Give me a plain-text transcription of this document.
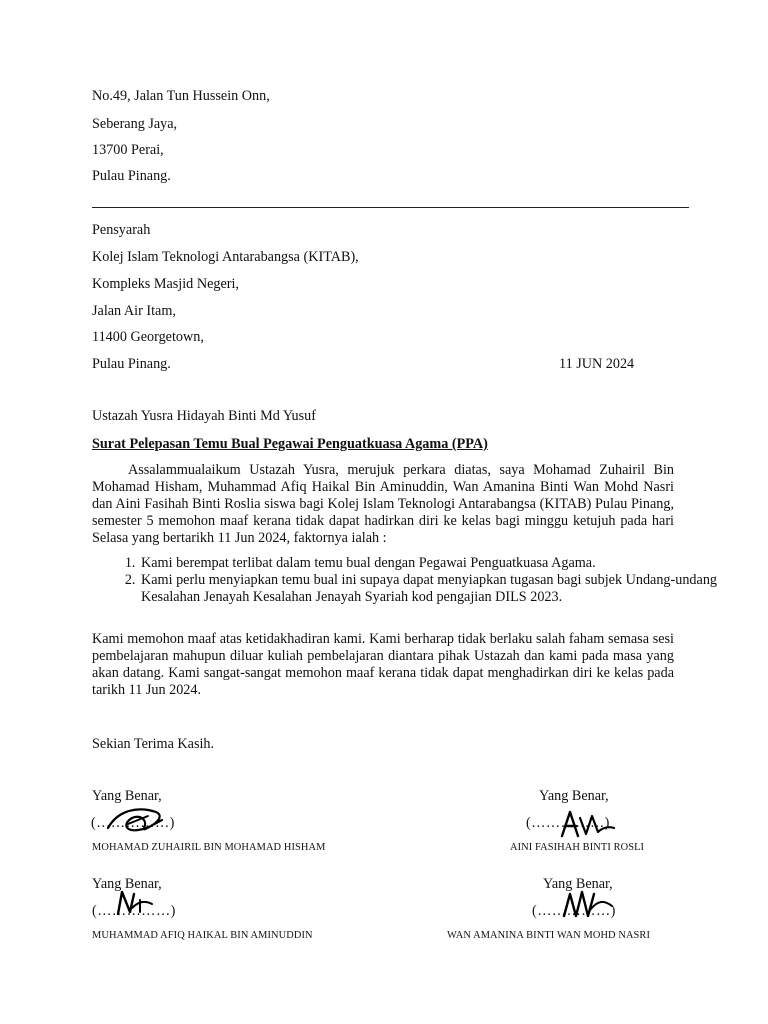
No.49, Jalan Tun Hussein Onn,
Seberang Jaya,
13700 Perai,
Pulau Pinang.
Pensyarah
Kolej Islam Teknologi Antarabangsa (KITAB),
Kompleks Masjid Negeri,
Jalan Air Itam,
11400 Georgetown,
Pulau Pinang.	11 JUN 2024
Ustazah Yusra Hidayah Binti Md Yusuf
Surat Pelepasan Temu Bual Pegawai Penguatkuasa Agama (PPA)
Assalammualaikum Ustazah Yusra, merujuk perkara diatas, saya Mohamad Zuhairil Bin Mohamad Hisham, Muhammad Afiq Haikal Bin Aminuddin, Wan Amanina Binti Wan Mohd Nasri dan Aini Fasihah Binti Roslia siswa bagi Kolej Islam Teknologi Antarabangsa (KITAB) Pulau Pinang, semester 5 memohon maaf kerana tidak dapat hadirkan diri ke kelas bagi minggu ketujuh pada hari Selasa yang bertarikh 11 Jun 2024, faktornya ialah :
1. Kami berempat terlibat dalam temu bual dengan Pegawai Penguatkuasa Agama.
2. Kami perlu menyiapkan temu bual ini supaya dapat menyiapkan tugasan bagi subjek Undang-undang Kesalahan Jenayah Kesalahan Jenayah Syariah kod pengajian DILS 2023.
Kami memohon maaf atas ketidakhadiran kami. Kami berharap tidak berlaku salah faham semasa sesi pembelajaran mahupun diluar kuliah pembelajaran diantara pihak Ustazah dan kami pada masa yang akan datang. Kami sangat-sangat memohon maaf kerana tidak dapat menghadirkan diri ke kelas pada tarikh 11 Jun 2024.
Sekian Terima Kasih.
Yang Benar,
(……………)
MOHAMAD ZUHAIRIL BIN MOHAMAD HISHAM
Yang Benar,
(……………)
AINI FASIHAH BINTI ROSLI
Yang Benar,
(……………)
MUHAMMAD AFIQ HAIKAL BIN AMINUDDIN
Yang Benar,
(……………)
WAN AMANINA BINTI WAN MOHD NASRI
